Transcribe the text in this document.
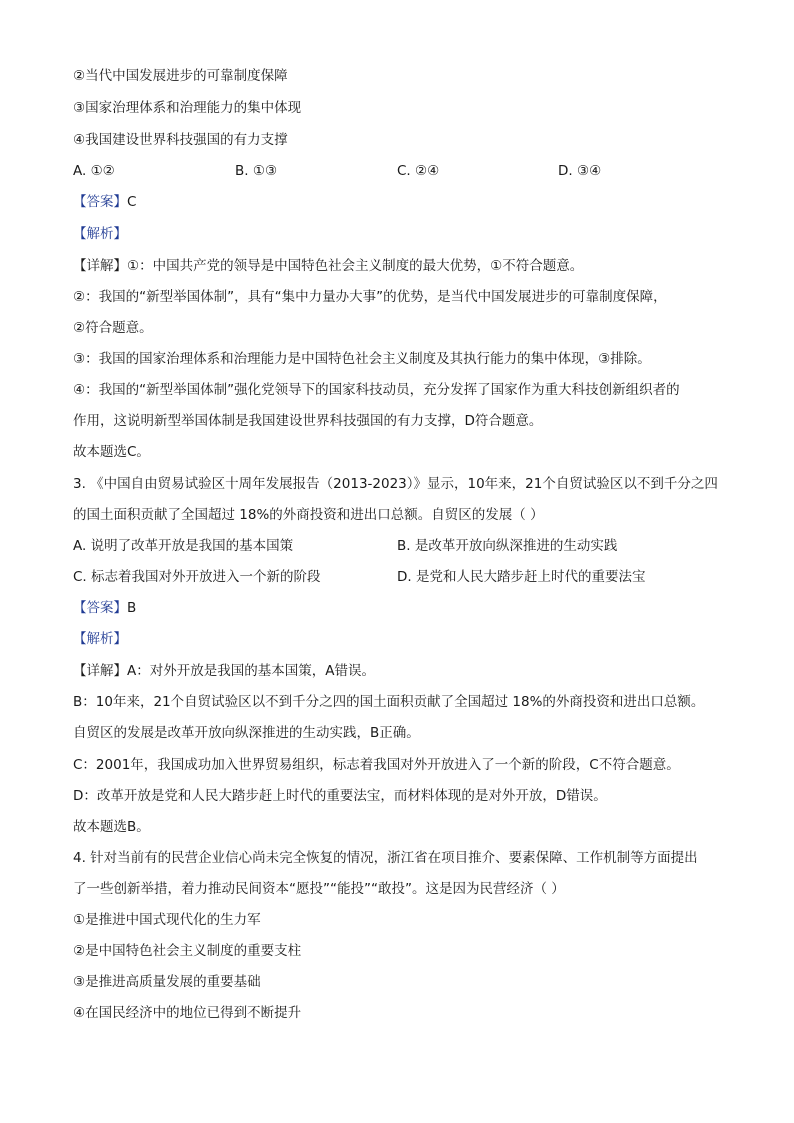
②当代中国发展进步的可靠制度保障
③国家治理体系和治理能力的集中体现
④我国建设世界科技强国的有力支撑
A. ①②	B. ①③	C. ②④	D. ③④
【答案】C
【解析】
【详解】①：中国共产党的领导是中国特色社会主义制度的最大优势，①不符合题意。
②：我国的“新型举国体制”，具有“集中力量办大事”的优势，是当代中国发展进步的可靠制度保障，
②符合题意。
③：我国的国家治理体系和治理能力是中国特色社会主义制度及其执行能力的集中体现，③排除。
④：我国的“新型举国体制”强化党领导下的国家科技动员，充分发挥了国家作为重大科技创新组织者的
作用，这说明新型举国体制是我国建设世界科技强国的有力支撑，D符合题意。
故本题选C。
3. 《中国自由贸易试验区十周年发展报告（2013-2023）》显示，10年来，21个自贸试验区以不到千分之四
的国土面积贡献了全国超过 18%的外商投资和进出口总额。自贸区的发展（ ）
A. 说明了改革开放是我国的基本国策	B. 是改革开放向纵深推进的生动实践
C. 标志着我国对外开放进入一个新的阶段	D. 是党和人民大踏步赶上时代的重要法宝
【答案】B
【解析】
【详解】A：对外开放是我国的基本国策，A错误。
B：10年来，21个自贸试验区以不到千分之四的国土面积贡献了全国超过 18%的外商投资和进出口总额。
自贸区的发展是改革开放向纵深推进的生动实践，B正确。
C：2001年，我国成功加入世界贸易组织，标志着我国对外开放进入了一个新的阶段，C不符合题意。
D：改革开放是党和人民大踏步赶上时代的重要法宝，而材料体现的是对外开放，D错误。
故本题选B。
4. 针对当前有的民营企业信心尚未完全恢复的情况，浙江省在项目推介、要素保障、工作机制等方面提出
了一些创新举措，着力推动民间资本“愿投”“能投”“敢投”。这是因为民营经济（ ）
①是推进中国式现代化的生力军
②是中国特色社会主义制度的重要支柱
③是推进高质量发展的重要基础
④在国民经济中的地位已得到不断提升
